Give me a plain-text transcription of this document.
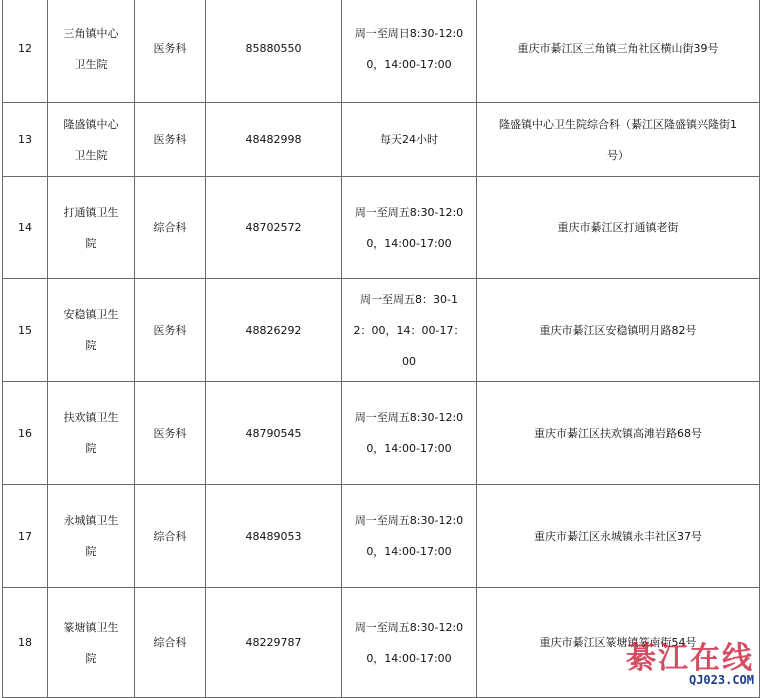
12	三角镇中心卫生院	医务科	85880550	周一至周日8:30-12:00，14:00-17:00	重庆市綦江区三角镇三角社区横山街39号

13	隆盛镇中心卫生院	医务科	48482998	每天24小时	隆盛镇中心卫生院综合科（綦江区隆盛镇兴隆街1号）

14	打通镇卫生院	综合科	48702572	周一至周五8:30-12:00，14:00-17:00	重庆市綦江区打通镇老街

15	安稳镇卫生院	医务科	48826292	周一至周五8：30-12：00，14：00-17：00	重庆市綦江区安稳镇明月路82号

16	扶欢镇卫生院	医务科	48790545	周一至周五8:30-12:00，14:00-17:00	重庆市綦江区扶欢镇高滩岩路68号

17	永城镇卫生院	综合科	48489053	周一至周五8:30-12:00，14:00-17:00	重庆市綦江区永城镇永丰社区37号

18	篆塘镇卫生院	综合科	48229787	周一至周五8:30-12:00，14:00-17:00	重庆市綦江区篆塘镇篆南街54号
綦江在线
QJ023.COM
